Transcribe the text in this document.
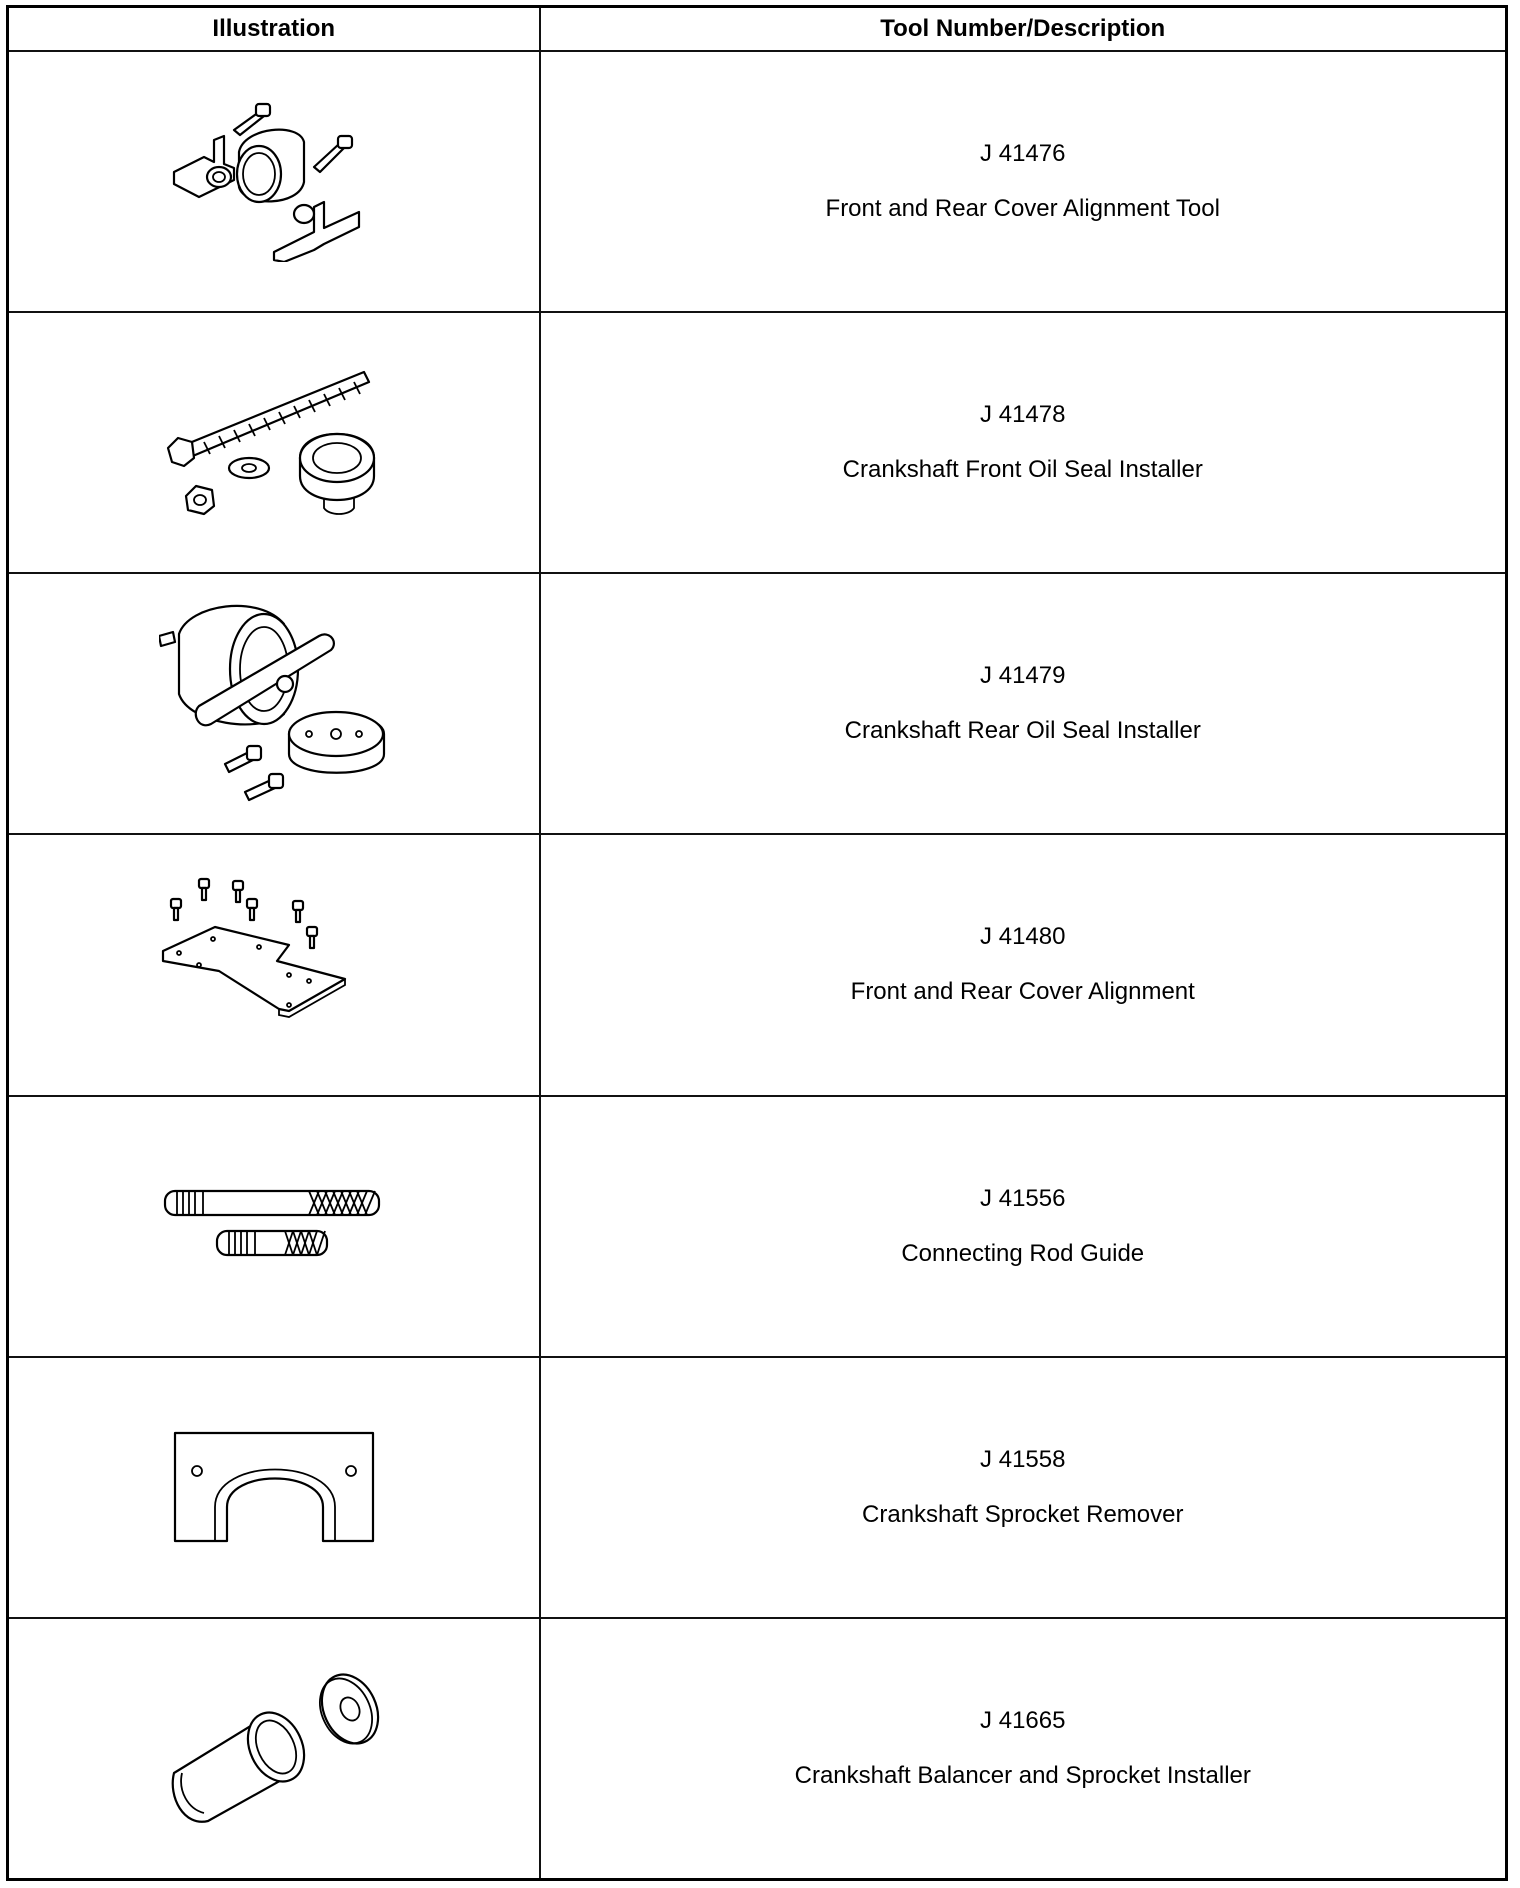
Illustration	Tool Number/Description

J 41476
Front and Rear Cover Alignment Tool

J 41478
Crankshaft Front Oil Seal Installer

J 41479
Crankshaft Rear Oil Seal Installer

J 41480
Front and Rear Cover Alignment

J 41556
Connecting Rod Guide

J 41558
Crankshaft Sprocket Remover

J 41665
Crankshaft Balancer and Sprocket Installer
